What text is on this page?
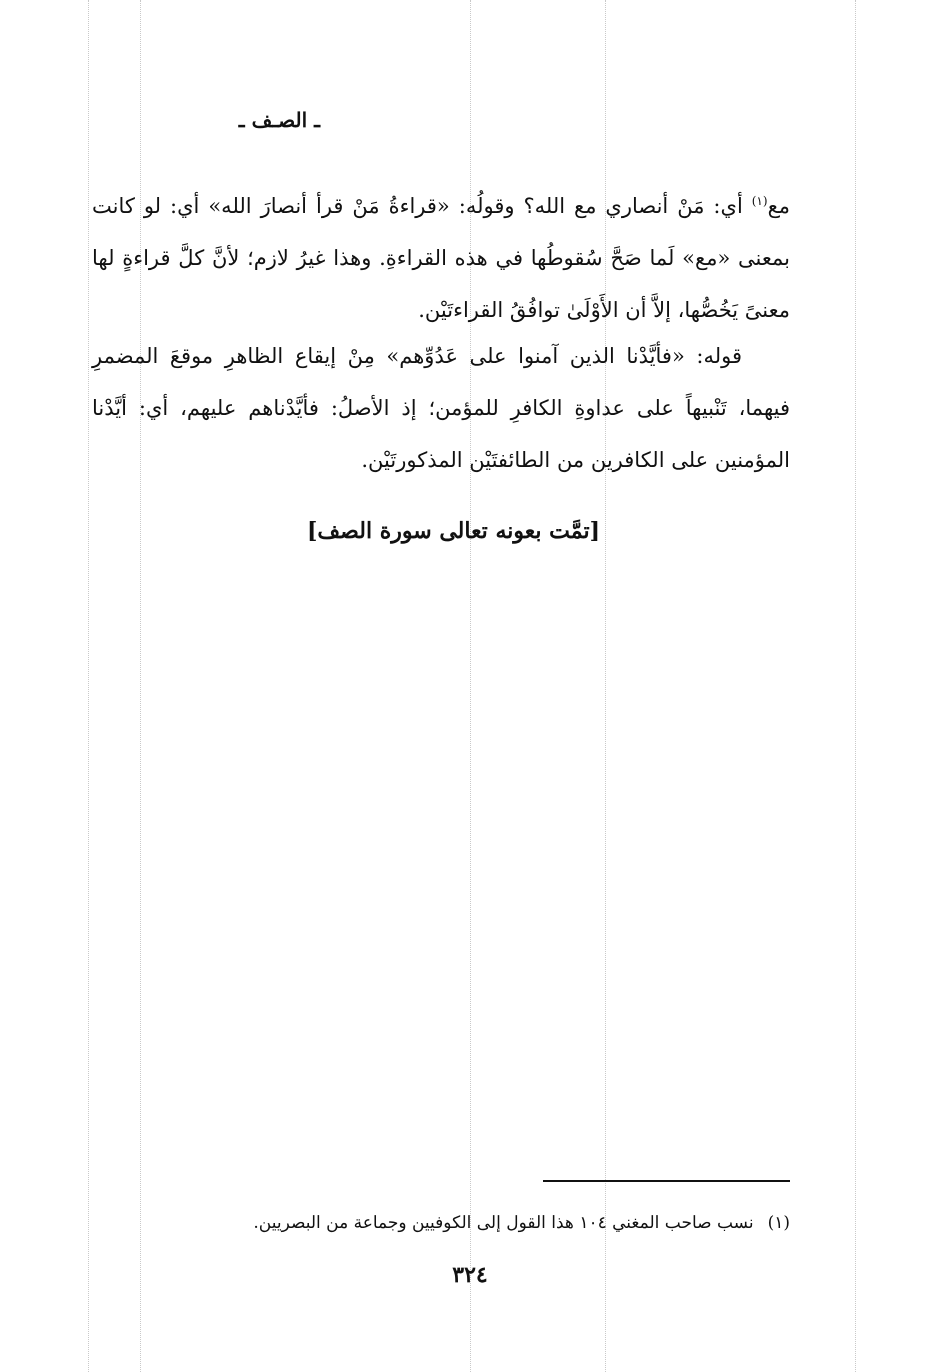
ـ الصـف ـ
مع$^{(١)}$ أي: مَنْ أنصاري مع الله؟ وقولُه: «قراءةُ مَنْ قرأ أنصارَ الله» أي: لو كانت بمعنى «مع» لَما صَحَّ سُقوطُها في هذه القراءةِ. وهذا غيرُ لازم؛ لأنَّ كلَّ قراءةٍ لها معنىً يَخُصُّها، إلاَّ أن الأَوْلَىٰ توافُقُ القراءتَيْن.
قوله: «فأيَّدْنا الذين آمنوا على عَدُوِّهم» مِنْ إيقاع الظاهرِ موقعَ المضمرِ فيهما، تَنْبيهاً على عداوةِ الكافرِ للمؤمن؛ إذ الأصلُ: فأيَّدْناهم عليهم، أي: أيَّدْنا المؤمنين على الكافرين من الطائفتَيْن المذكورتَيْن.
[تمَّت بعونه تعالى سورة الصف]
(١)نسب صاحب المغني ١٠٤ هذا القول إلى الكوفيين وجماعة من البصريين.
٣٢٤
